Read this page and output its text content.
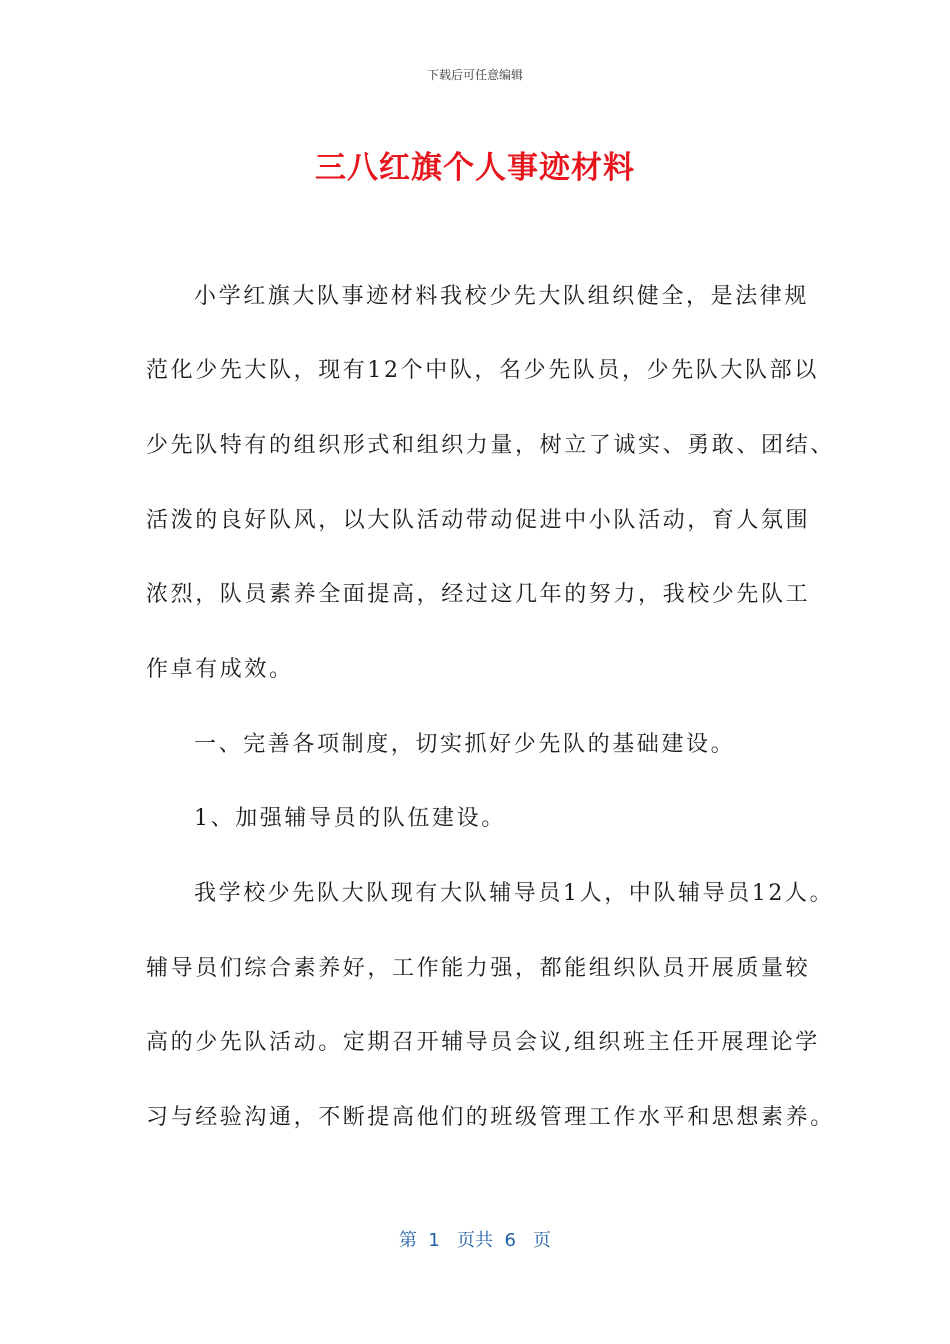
下载后可任意编辑
三八红旗个人事迹材料
小学红旗大队事迹材料我校少先大队组织健全，是法律规
范化少先大队，现有12个中队，名少先队员，少先队大队部以
少先队特有的组织形式和组织力量，树立了诚实、勇敢、团结、
活泼的良好队风，以大队活动带动促进中小队活动，育人氛围
浓烈，队员素养全面提高，经过这几年的努力，我校少先队工
作卓有成效。
一、完善各项制度，切实抓好少先队的基础建设。
1、加强辅导员的队伍建设。
我学校少先队大队现有大队辅导员1人，中队辅导员12人。
辅导员们综合素养好，工作能力强，都能组织队员开展质量较
高的少先队活动。定期召开辅导员会议,组织班主任开展理论学
习与经验沟通，不断提高他们的班级管理工作水平和思想素养。
第  1   页共  6   页
